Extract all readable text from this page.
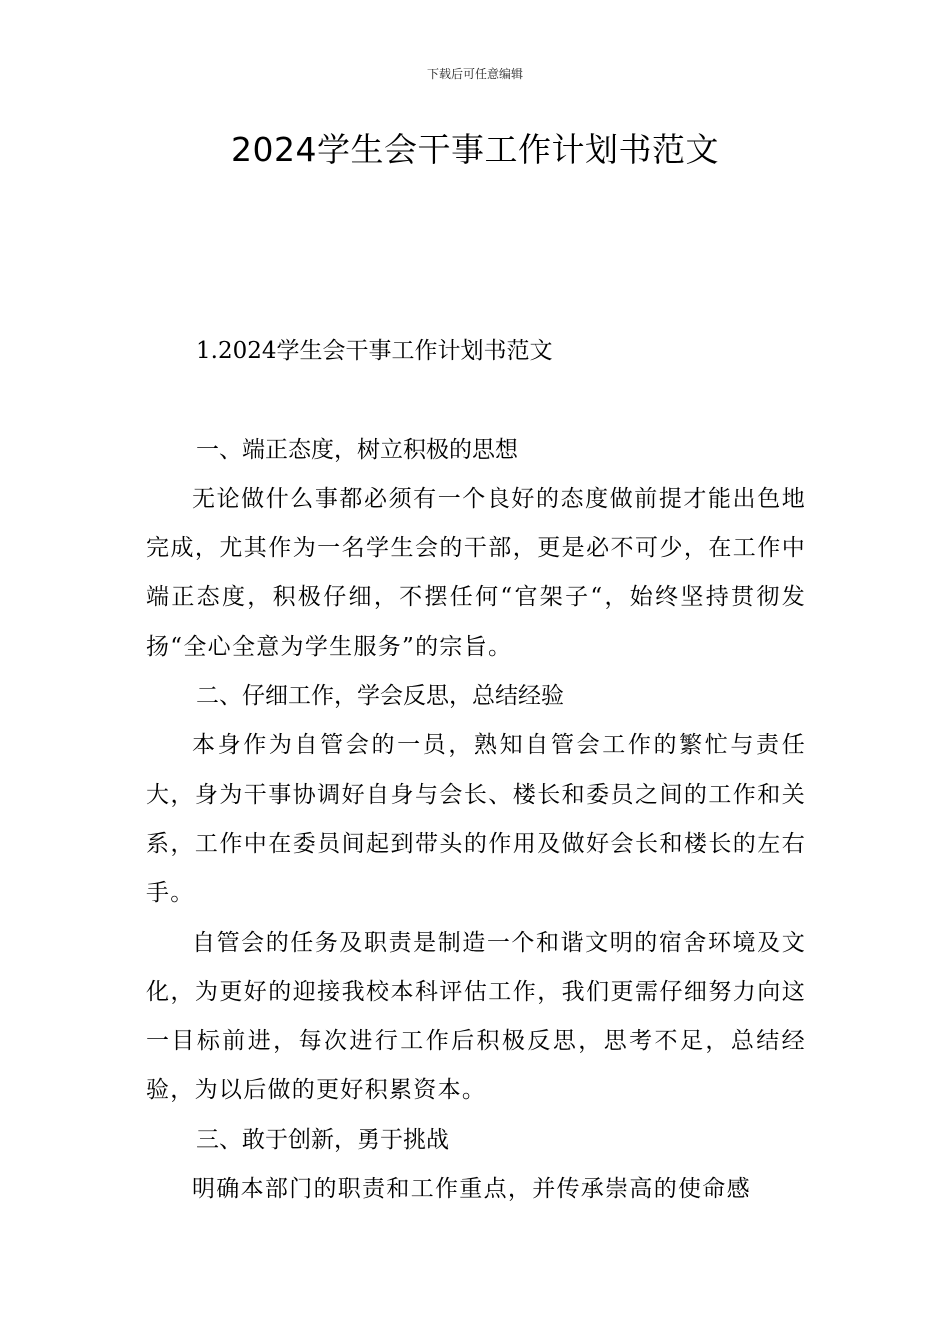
下载后可任意编辑
2024学生会干事工作计划书范文

1.2024学生会干事工作计划书范文

一、端正态度，树立积极的思想

无论做什么事都必须有一个良好的态度做前提才能出色地完成，尤其作为一名学生会的干部，更是必不可少，在工作中端正态度，积极仔细，不摆任何“官架子“，始终坚持贯彻发扬“全心全意为学生服务”的宗旨。

二、仔细工作，学会反思，总结经验

本身作为自管会的一员，熟知自管会工作的繁忙与责任大，身为干事协调好自身与会长、楼长和委员之间的工作和关系，工作中在委员间起到带头的作用及做好会长和楼长的左右手。

自管会的任务及职责是制造一个和谐文明的宿舍环境及文化，为更好的迎接我校本科评估工作，我们更需仔细努力向这一目标前进，每次进行工作后积极反思，思考不足，总结经验，为以后做的更好积累资本。

三、敢于创新，勇于挑战

明确本部门的职责和工作重点，并传承崇高的使命感
